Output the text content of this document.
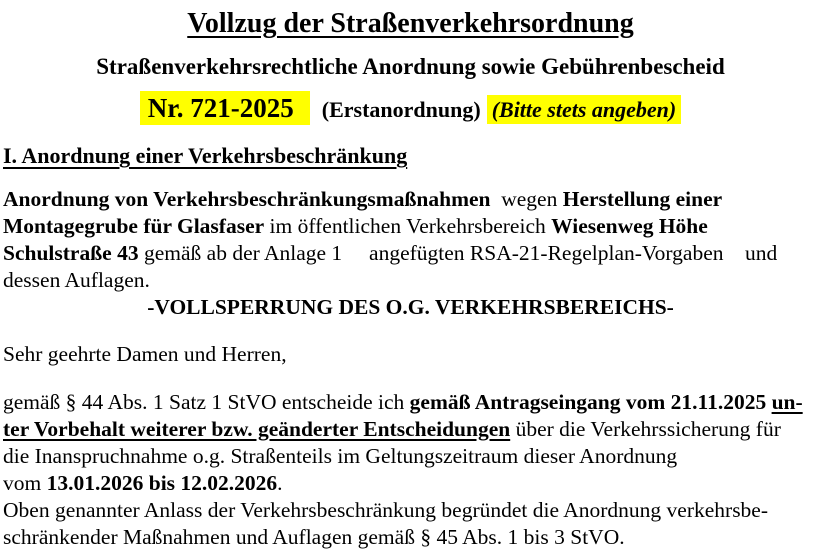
Vollzug der Straßenverkehrsordnung
Straßenverkehrsrechtliche Anordnung sowie Gebührenbescheid
Nr. 721-2025 (Erstanordnung) (Bitte stets angeben)
I. Anordnung einer Verkehrsbeschränkung
Anordnung von Verkehrsbeschränkungsmaßnahmen  wegen Herstellung einer
Montagegrube für Glasfaser im öffentlichen Verkehrsbereich Wiesenweg Höhe
Schulstraße 43 gemäß ab der Anlage 1     angefügten RSA-21-Regelplan-Vorgaben    und
dessen Auflagen.
-VOLLSPERRUNG DES O.G. VERKEHRSBEREICHS-
Sehr geehrte Damen und Herren,
gemäß § 44 Abs. 1 Satz 1 StVO entscheide ich gemäß Antragseingang vom 21.11.2025 un-
ter Vorbehalt weiterer bzw. geänderter Entscheidungen über die Verkehrssicherung für
die Inanspruchnahme o.g. Straßenteils im Geltungszeitraum dieser Anordnung
vom 13.01.2026 bis 12.02.2026.
Oben genannter Anlass der Verkehrsbeschränkung begründet die Anordnung verkehrsbe-
schränkender Maßnahmen und Auflagen gemäß § 45 Abs. 1 bis 3 StVO.
